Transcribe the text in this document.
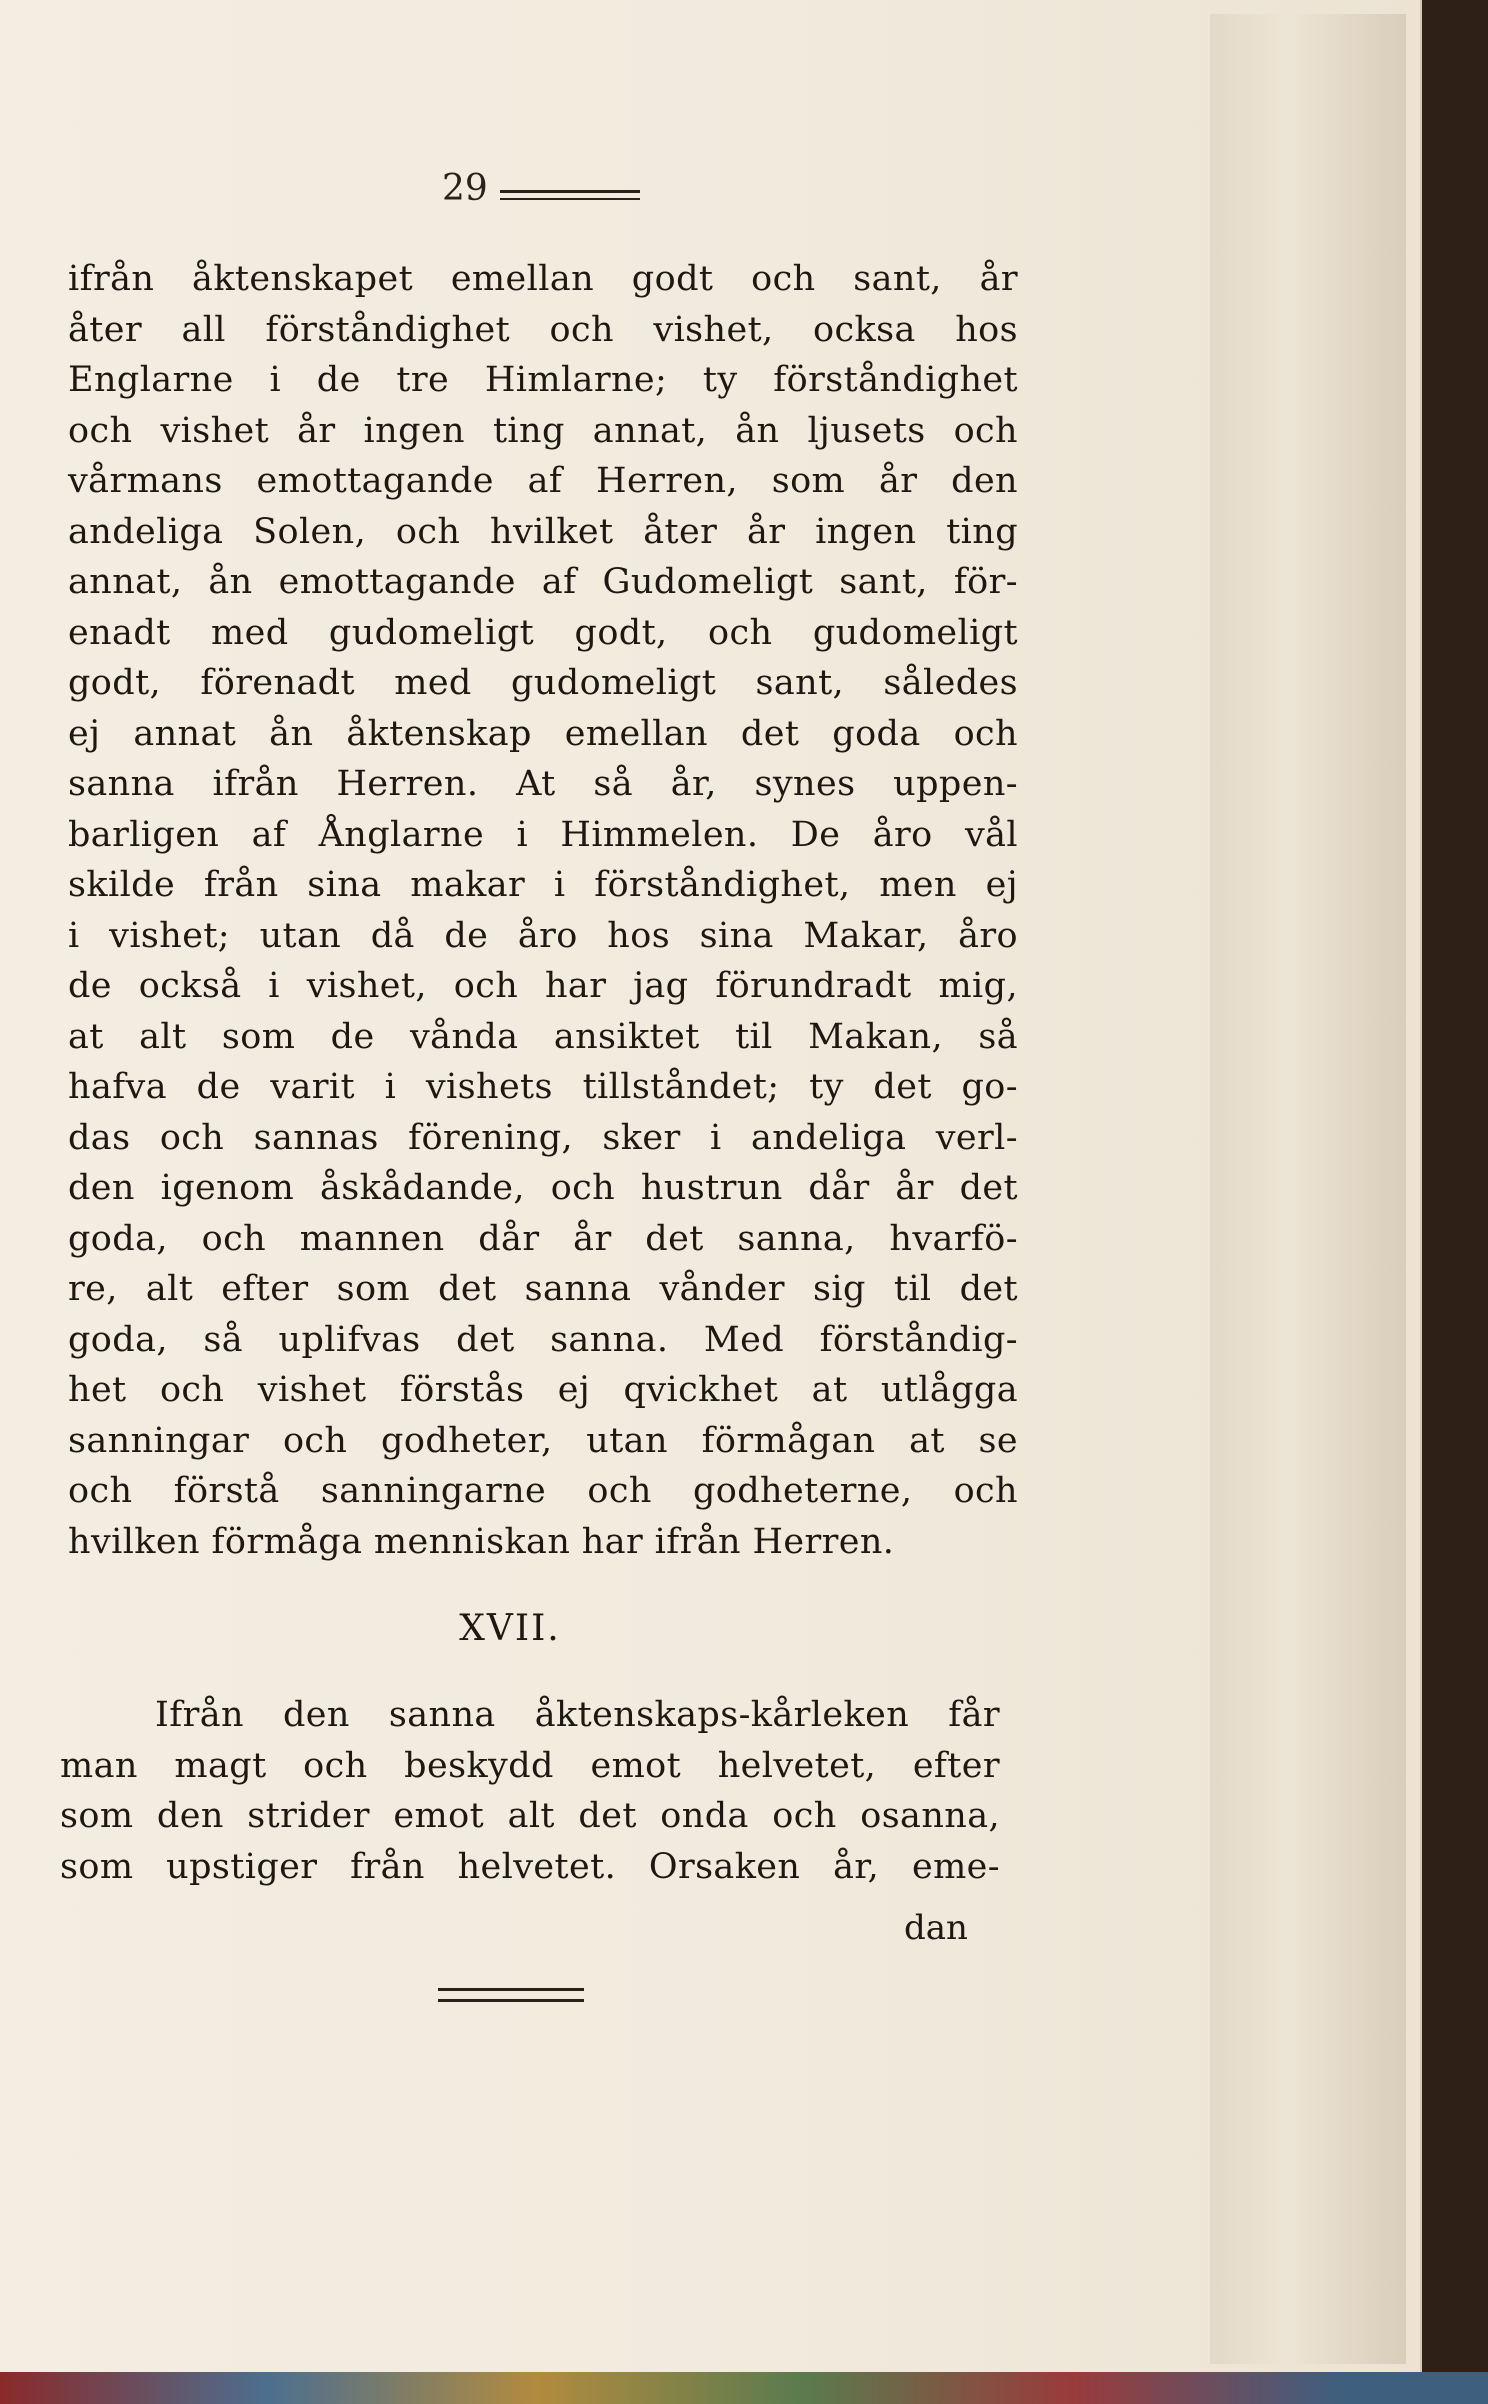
29
ifrån åktenskapet emellan godt och sant, år
åter all förståndighet och vishet, ocksa hos
Englarne i de tre Himlarne; ty förståndighet
och vishet år ingen ting annat, ån ljusets och
vårmans emottagande af Herren, som år den
andeliga Solen, och hvilket åter år ingen ting
annat, ån emottagande af Gudomeligt sant, för-
enadt med gudomeligt godt, och gudomeligt
godt, förenadt med gudomeligt sant, således
ej annat ån åktenskap emellan det goda och
sanna ifrån Herren. At så år, synes uppen-
barligen af Ånglarne i Himmelen. De åro vål
skilde från sina makar i förståndighet, men ej
i vishet; utan då de åro hos sina Makar, åro
de också i vishet, och har jag förundradt mig,
at alt som de vånda ansiktet til Makan, så
hafva de varit i vishets tillståndet; ty det go-
das och sannas förening, sker i andeliga verl-
den igenom åskådande, och hustrun dår år det
goda, och mannen dår år det sanna, hvarfö-
re, alt efter som det sanna vånder sig til det
goda, så uplifvas det sanna. Med förståndig-
het och vishet förstås ej qvickhet at utlågga
sanningar och godheter, utan förmågan at se
och förstå sanningarne och godheterne, och
hvilken förmåga menniskan har ifrån Herren.
XVII.
Ifrån den sanna åktenskaps-kårleken får
man magt och beskydd emot helvetet, efter
som den strider emot alt det onda och osanna,
som upstiger från helvetet. Orsaken år, eme-
dan
